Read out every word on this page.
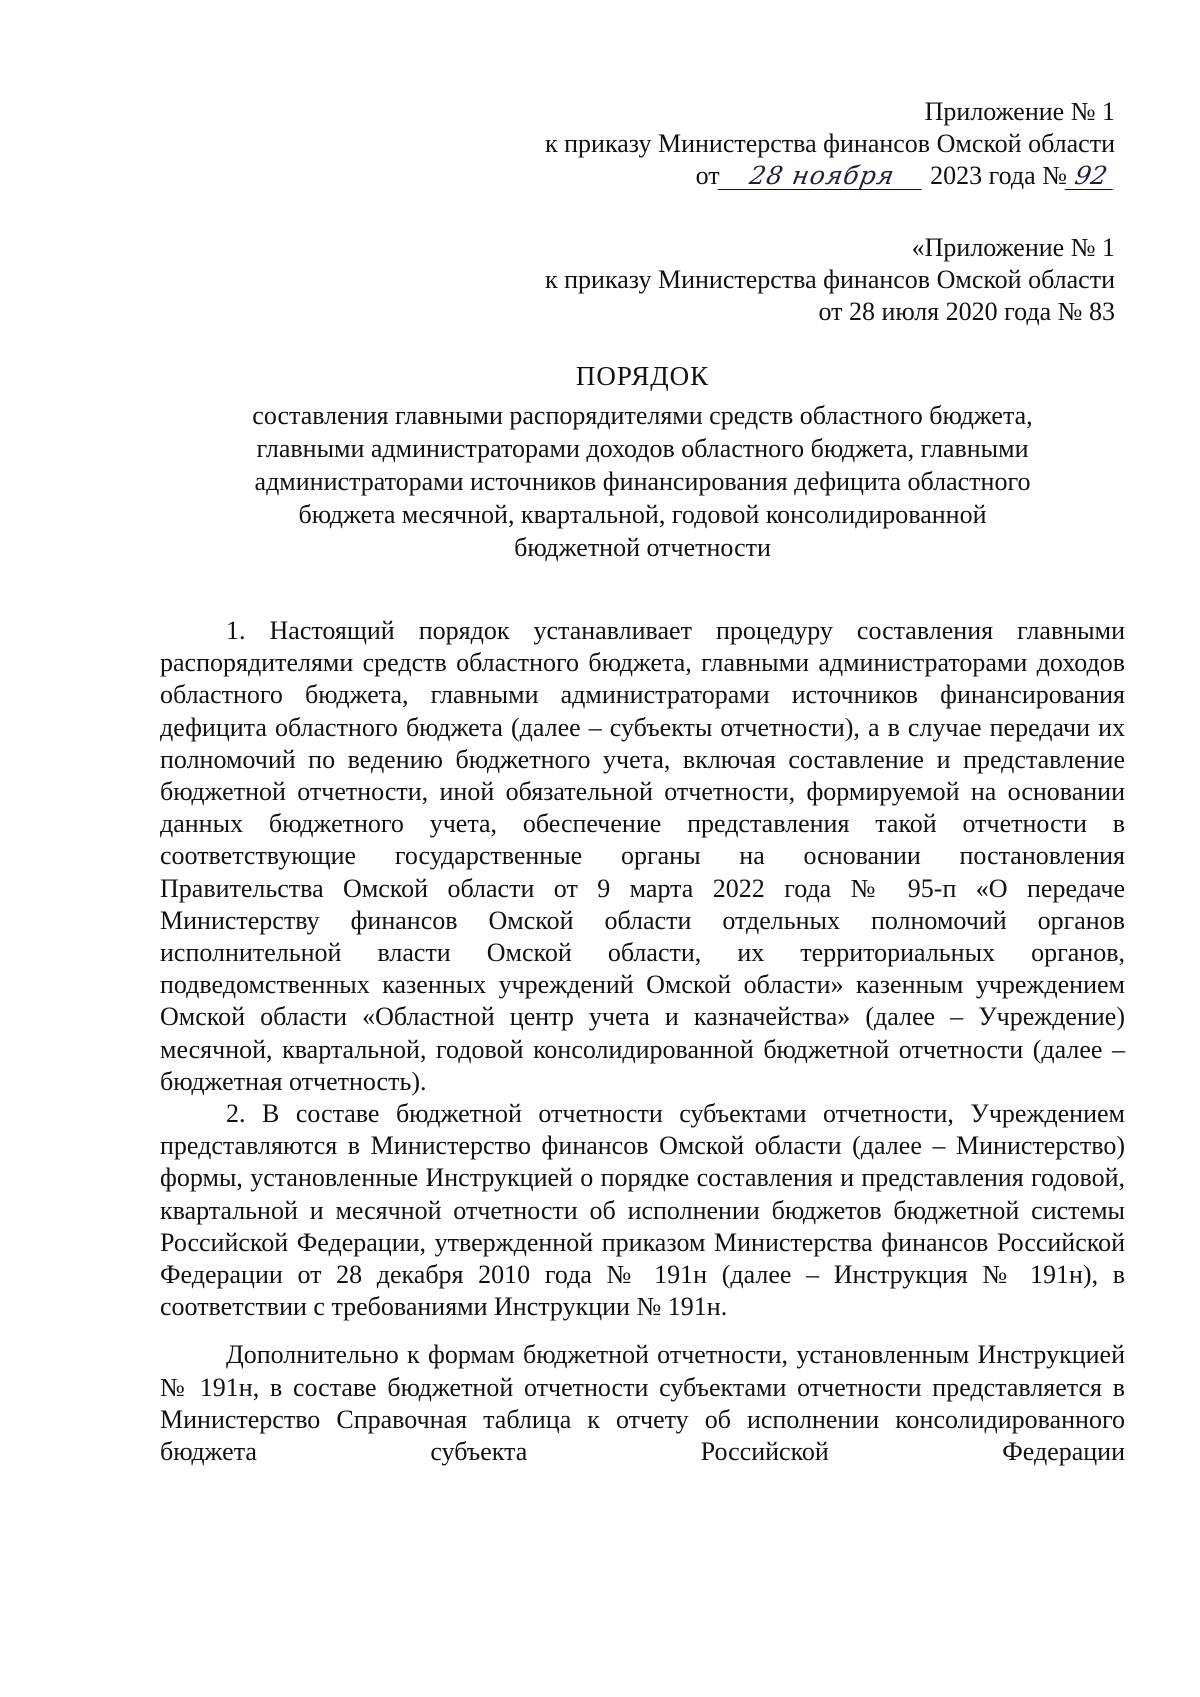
Приложение № 1
к приказу Министерства финансов Омской области
от 28 ноября 2023 года № 92
«Приложение № 1
к приказу Министерства финансов Омской области
от 28 июля 2020 года № 83
ПОРЯДОК
составления главными распорядителями средств областного бюджета,
главными администраторами доходов областного бюджета, главными
администраторами источников финансирования дефицита областного
бюджета месячной, квартальной, годовой консолидированной
бюджетной отчетности

1. Настоящий порядок устанавливает процедуру составления главными распорядителями средств областного бюджета, главными администраторами доходов областного бюджета, главными администраторами источников финансирования дефицита областного бюджета (далее – субъекты отчетности), а в случае передачи их полномочий по ведению бюджетного учета, включая составление и представление бюджетной отчетности, иной обязательной отчетности, формируемой на основании данных бюджетного учета, обеспечение представления такой отчетности в соответствующие государственные органы на основании постановления Правительства Омской области от 9 марта 2022 года № 95-п «О передаче Министерству финансов Омской области отдельных полномочий органов исполнительной власти Омской области, их территориальных органов, подведомственных казенных учреждений Омской области» казенным учреждением Омской области «Областной центр учета и казначейства» (далее – Учреждение) месячной, квартальной, годовой консолидированной бюджетной отчетности (далее – бюджетная отчетность).

2. В составе бюджетной отчетности субъектами отчетности, Учреждением представляются в Министерство финансов Омской области (далее – Министерство) формы, установленные Инструкцией о порядке составления и представления годовой, квартальной и месячной отчетности об исполнении бюджетов бюджетной системы Российской Федерации, утвержденной приказом Министерства финансов Российской Федерации от 28 декабря 2010 года № 191н (далее – Инструкция № 191н), в соответствии с требованиями Инструкции № 191н.

Дополнительно к формам бюджетной отчетности, установленным Инструкцией № 191н, в составе бюджетной отчетности субъектами отчетности представляется в Министерство Справочная таблица к отчету об исполнении консолидированного бюджета субъекта Российской Федерации
